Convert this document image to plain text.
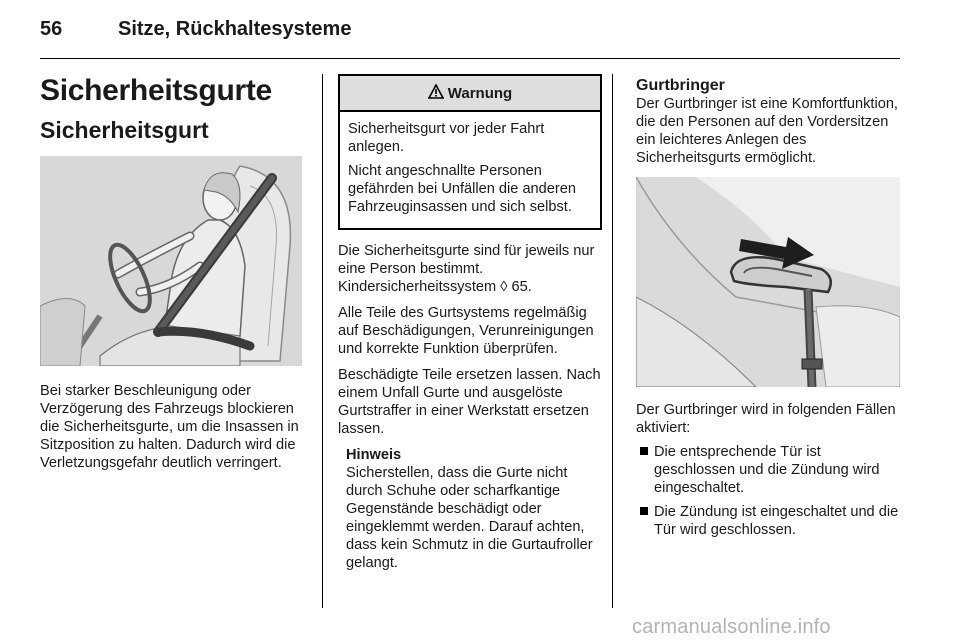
56	Sitze, Rückhaltesysteme
Sicherheitsgurte
Sicherheitsgurt

Bei starker Beschleunigung oder Verzögerung des Fahrzeugs blockieren die Sicherheitsgurte, um die Insassen in Sitzposition zu halten. Dadurch wird die Verletzungsgefahr deutlich verringert.

Warnung

Sicherheitsgurt vor jeder Fahrt anlegen.

Nicht angeschnallte Personen gefährden bei Unfällen die anderen Fahrzeuginsassen und sich selbst.

Die Sicherheitsgurte sind für jeweils nur eine Person bestimmt. Kindersicherheitssystem ◊ 65.

Alle Teile des Gurtsystems regelmäßig auf Beschädigungen, Verunreinigungen und korrekte Funktion überprüfen.

Beschädigte Teile ersetzen lassen. Nach einem Unfall Gurte und ausgelöste Gurtstraffer in einer Werkstatt ersetzen lassen.

Hinweis

Sicherstellen, dass die Gurte nicht durch Schuhe oder scharfkantige Gegenstände beschädigt oder eingeklemmt werden. Darauf achten, dass kein Schmutz in die Gurtaufroller gelangt.

Gurtbringer

Der Gurtbringer ist eine Komfortfunktion, die den Personen auf den Vordersitzen ein leichteres Anlegen des Sicherheitsgurts ermöglicht.

Der Gurtbringer wird in folgenden Fällen aktiviert:

Die entsprechende Tür ist geschlossen und die Zündung wird eingeschaltet.
Die Zündung ist eingeschaltet und die Tür wird geschlossen.
carmanualsonline.info
